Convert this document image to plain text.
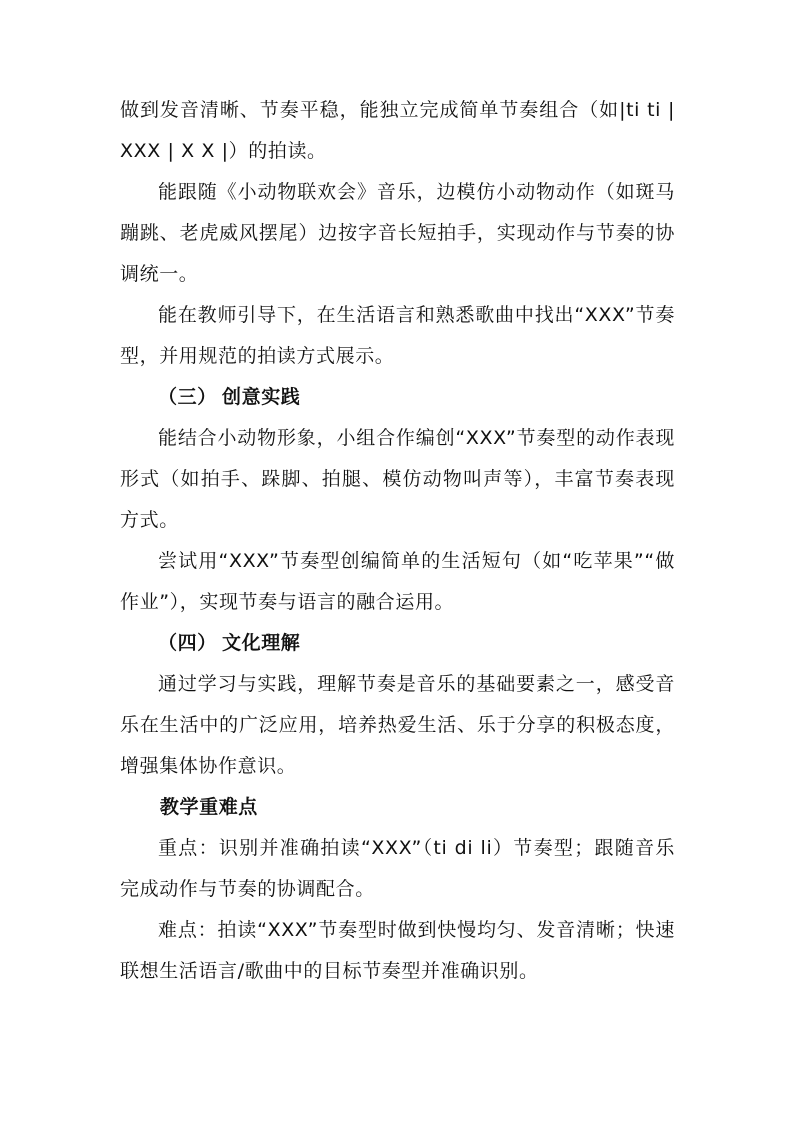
做到发音清晰、节奏平稳，能独立完成简单节奏组合（如|ti ti | XXX | X X |）的拍读。

能跟随《小动物联欢会》音乐，边模仿小动物动作（如斑马蹦跳、老虎威风摆尾）边按字音长短拍手，实现动作与节奏的协调统一。

能在教师引导下，在生活语言和熟悉歌曲中找出“XXX”节奏型，并用规范的拍读方式展示。

（三） 创意实践

能结合小动物形象，小组合作编创“XXX”节奏型的动作表现形式（如拍手、跺脚、拍腿、模仿动物叫声等），丰富节奏表现方式。

尝试用“XXX”节奏型创编简单的生活短句（如“吃苹果”“做作业”），实现节奏与语言的融合运用。

（四） 文化理解

通过学习与实践，理解节奏是音乐的基础要素之一，感受音乐在生活中的广泛应用，培养热爱生活、乐于分享的积极态度，增强集体协作意识。

教学重难点

重点：识别并准确拍读“XXX”（ti di li）节奏型；跟随音乐完成动作与节奏的协调配合。

难点：拍读“XXX”节奏型时做到快慢均匀、发音清晰；快速联想生活语言/歌曲中的目标节奏型并准确识别。
